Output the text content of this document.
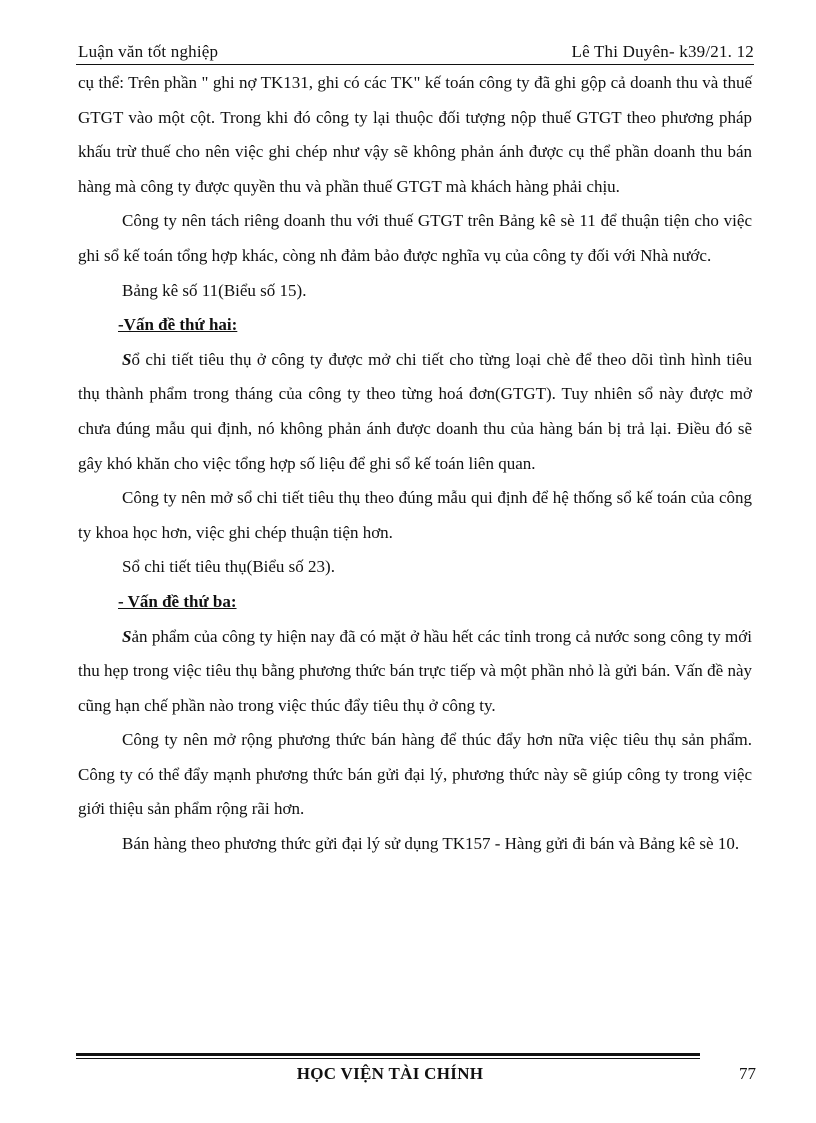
Luận văn tốt nghiệp	Lê Thi Duyên- k39/21. 12

cụ thể: Trên phần " ghi nợ TK131, ghi có các TK" kế toán công ty đã ghi gộp cả doanh thu và thuế GTGT vào một cột. Trong khi đó công ty lại thuộc đối tượng nộp thuế GTGT theo phương pháp khấu trừ thuế cho nên việc ghi chép như vậy sẽ không phản ánh được cụ thể phần doanh thu bán hàng mà công ty được quyền thu và phần thuế GTGT mà khách hàng phải chịu.

Công ty nên tách riêng doanh thu với thuế GTGT trên Bảng kê sè 11 để thuận tiện cho việc ghi sổ kế toán tổng hợp khác, còng nh đảm bảo được nghĩa vụ của công ty đối với Nhà nước.

Bảng kê số 11(Biểu số 15).

-Vấn đề thứ hai:

Sổ chi tiết tiêu thụ ở công ty được mở chi tiết cho từng loại chè để theo dõi tình hình tiêu thụ thành phẩm trong tháng của công ty theo từng hoá đơn(GTGT). Tuy nhiên sổ này được mở chưa đúng mẫu qui định, nó không phản ánh được doanh thu của hàng bán bị trả lại. Điều đó sẽ gây khó khăn cho việc tổng hợp số liệu để ghi sổ kế toán liên quan.

Công ty nên mở sổ chi tiết tiêu thụ theo đúng mẫu qui định để hệ thống sổ kế toán của công ty khoa học hơn, việc ghi chép thuận tiện hơn.

Sổ chi tiết tiêu thụ(Biểu số 23).

- Vấn đề thứ ba:

Sản phẩm của công ty hiện nay đã có mặt ở hầu hết các tỉnh trong cả nước song công ty mới thu hẹp trong việc tiêu thụ bằng phương thức bán trực tiếp và một phần nhỏ là gửi bán. Vấn đề này cũng hạn chế phần nào trong việc thúc đẩy tiêu thụ ở công ty.

Công ty nên mở rộng phương thức bán hàng để thúc đẩy hơn nữa việc tiêu thụ sản phẩm. Công ty có thể đẩy mạnh phương thức bán gửi đại lý, phương thức này sẽ giúp công ty trong việc giới thiệu sản phẩm rộng rãi hơn.

Bán hàng theo phương thức gửi đại lý sử dụng TK157 - Hàng gửi đi bán và Bảng kê sè 10.

HỌC VIỆN TÀI CHÍNH	77
